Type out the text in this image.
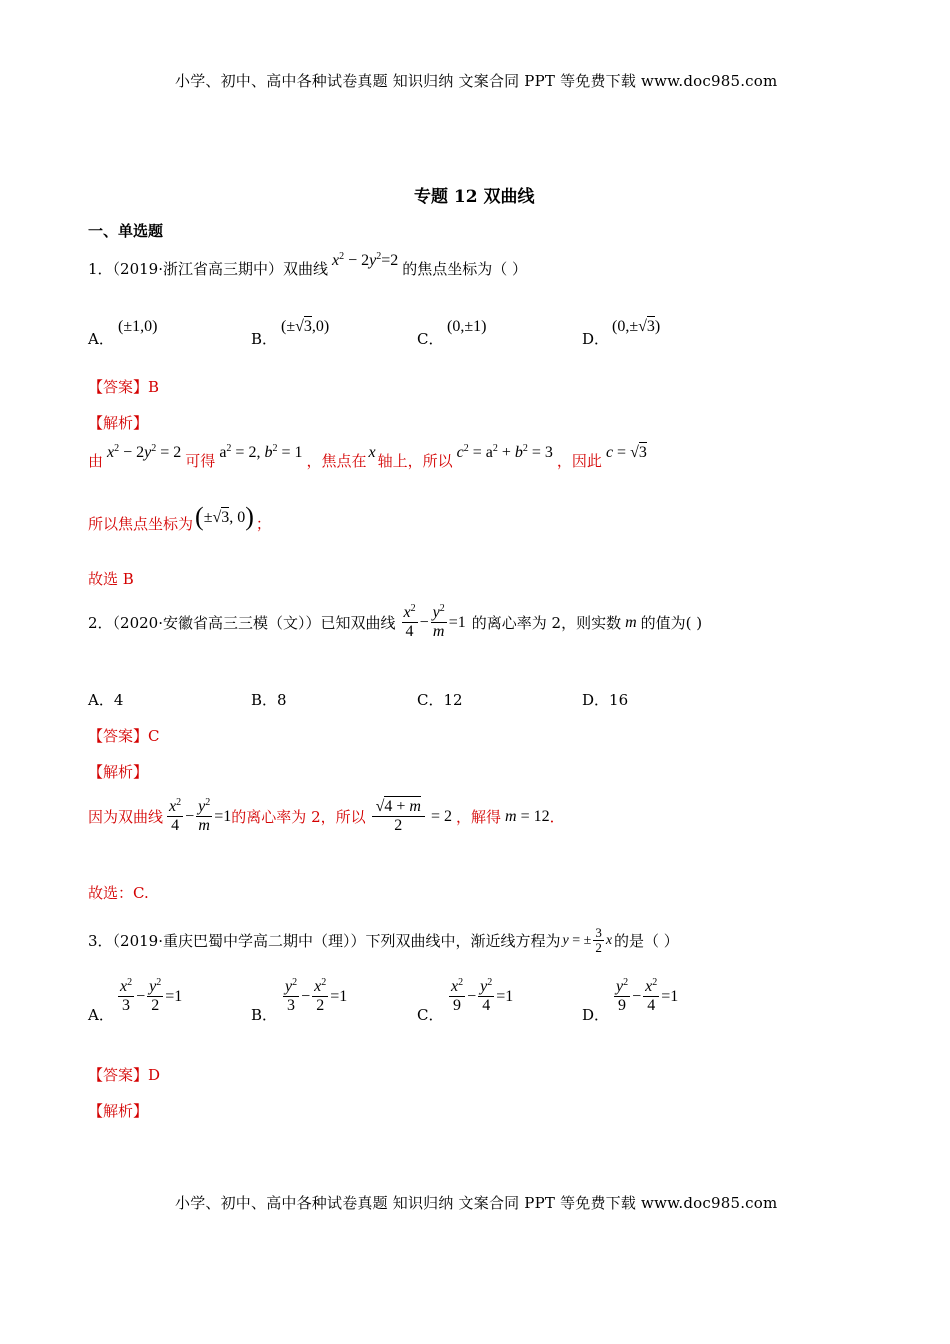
小学、初中、高中各种试卷真题 知识归纳 文案合同 PPT 等免费下载 www.doc985.com
专题 12 双曲线
一、单选题
1．（2019·浙江省高三期中）双曲线 $x^2 - 2y^2=2$ 的焦点坐标为（ ）
A．
(±1,0)
B．
(±√3,0)
C．
(0,±1)
D．
(0,±√3)
【答案】B
【解析】
由 $x^2 - 2y^2 = 2$ 可得 $a^2 = 2$, $b^2 = 1$ ，焦点在 x 轴上，所以 $c^2 = a^2 + b^2 = 3$ ，因此 c = √3
所以焦点坐标为 (±√3, 0) ；
故选 B
2．（2020·安徽省高三三模（文））已知双曲线 $\frac{x^2}{4} - \frac{y^2}{m} =1$ 的离心率为 2，则实数 m 的值为( )
A．4	B．8	C．12	D．16
【答案】C
【解析】
因为双曲线 $\frac{x^2}{4} - \frac{y^2}{m} =1$ 的离心率为 2，所以 $\frac{√4 + m}{2} = 2$ ，解得 m = 12 ．
故选：C.
3．（2019·重庆巴蜀中学高二期中（理））下列双曲线中，渐近线方程为 y = ± $\frac{3}{2}$ x 的是（ ）
A． $\frac{x^2}{3} - \frac{y^2}{2} =1$
B． $\frac{y^2}{3} - \frac{x^2}{2} =1$
C． $\frac{x^2}{9} - \frac{y^2}{4} =1$
D． $\frac{y^2}{9} - \frac{x^2}{4} =1$
【答案】D
【解析】
小学、初中、高中各种试卷真题 知识归纳 文案合同 PPT 等免费下载 www.doc985.com
